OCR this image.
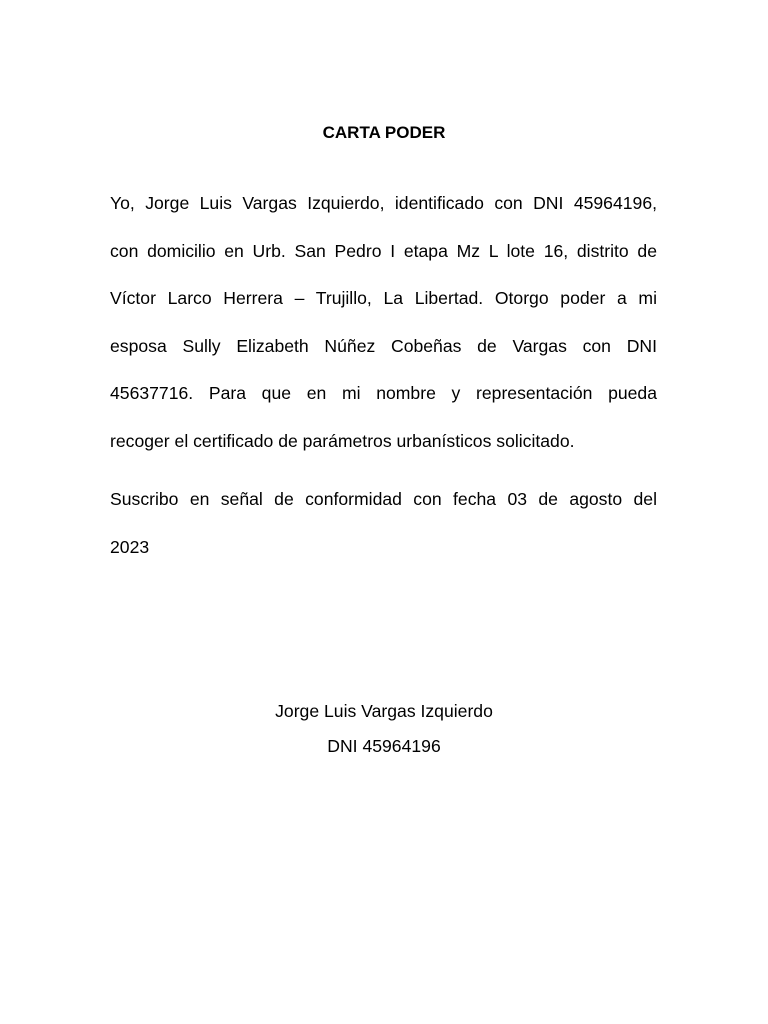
CARTA PODER
Yo, Jorge Luis Vargas Izquierdo, identificado con DNI 45964196,
con domicilio en Urb. San Pedro I etapa Mz L lote 16, distrito de
Víctor Larco Herrera – Trujillo, La Libertad. Otorgo poder a mi
esposa Sully Elizabeth Núñez Cobeñas de Vargas con DNI
45637716. Para que en mi nombre y representación pueda
recoger el certificado de parámetros urbanísticos solicitado.
Suscribo en señal de conformidad con fecha 03 de agosto del
2023
Jorge Luis Vargas Izquierdo
DNI 45964196
